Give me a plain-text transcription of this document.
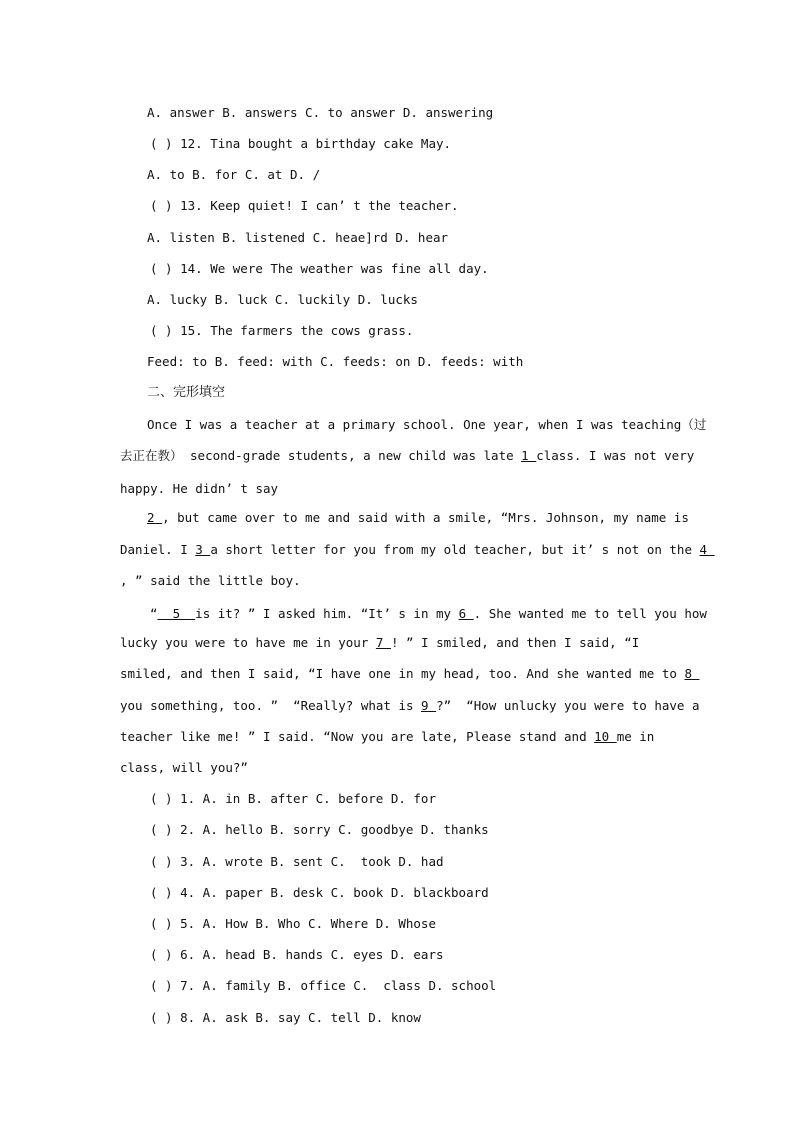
A. answer B. answers C. to answer D. answering
( ) 12. Tina bought a birthday cake May.
A. to B. for C. at D. /
( ) 13. Keep quiet! I can’ t the teacher.
A. listen B. listened C. heae]rd D. hear
( ) 14. We were The weather was fine all day.
A. lucky B. luck C. luckily D. lucks
( ) 15. The farmers the cows grass.
Feed: to B. feed: with C. feeds: on D. feeds: with
二、完形填空
Once I was a teacher at a primary school. One year, when I was teaching（过
去正在教） second-grade students, a new child was late 1 class. I was not very
happy. He didn’ t say
2 , but came over to me and said with a smile, “Mrs. Johnson, my name is
Daniel. I 3 a short letter for you from my old teacher, but it’ s not on the 4
, ” said the little boy.
“  5  is it? ” I asked him. “It’ s in my 6 . She wanted me to tell you how
lucky you were to have me in your 7 ! ” I smiled, and then I said, “I
smiled, and then I said, “I have one in my head, too. And she wanted me to 8
you something, too. ”  “Really? what is 9 ?”  “How unlucky you were to have a
teacher like me! ” I said. “Now you are late, Please stand and 10 me in
class, will you?”
( ) 1. A. in B. after C. before D. for
( ) 2. A. hello B. sorry C. goodbye D. thanks
( ) 3. A. wrote B. sent C.  took D. had
( ) 4. A. paper B. desk C. book D. blackboard
( ) 5. A. How B. Who C. Where D. Whose
( ) 6. A. head B. hands C. eyes D. ears
( ) 7. A. family B. office C.  class D. school
( ) 8. A. ask B. say C. tell D. know
